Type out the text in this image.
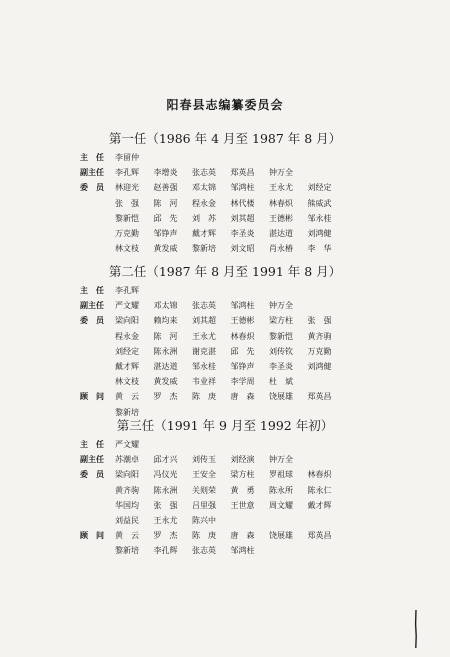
阳春县志编纂委员会
第一任（1986 年 4 月至 1987 年 8 月）
主　任 李留仲
副主任 李孔辉 李增炎 张志英 郑英昌 钟万全
委　员 林迎光 赵善强 邓太锦 邹鸿柱 王永尤 刘经定
张　强 陈　河 程永金 林代楼 林春炽 熊威武
黎新恺 邱　先 刘　苏 刘其超 王德彬 邹永桂
万克勤 邹铮声 戴才辉 李圣炎 湛达道 刘鸿健
林文枝 黄发威 黎新培 刘文昭 肖永椿 李　华
第二任（1987 年 8 月至 1991 年 8 月）
主　任 李孔辉
副主任 严文耀 邓太锦 张志英 邹鸿柱 钟万全
委　员 梁向阳 赖均来 刘其超 王德彬 梁方柱 张　强
程永金 陈　河 王永尤 林春炽 黎新恺 黄齐驹
刘经定 陈永洲 谢克湛 邱　先 刘传钦 万克勤
戴才辉 湛达道 邹永桂 邹铮声 李圣炎 刘鸿健
林文枝 黄发威 韦业祥 李学周 杜　斌
顾　问 黄　云 罗　杰 陈　庚 唐　森 饶展雄 郑英昌
黎新培
第三任（1991 年 9 月至 1992 年初）
主　任 严文耀
副主任 苏潮卓 邱才兴 刘传玉 刘经演 钟万全
委　员 梁向阳 冯仪光 王安全 梁方柱 罗祖球 林春炽
黄齐驹 陈永洲 关则荣 黄　勇 陈永所 陈永仁
华国均 张　强 吕里强 王世意 周文耀 戴才辉
刘益民 王永尤 陈兴中
顾　问 黄　云 罗　杰 陈　庚 唐　森 饶展雄 郑英昌
黎新培 李孔辉 张志英 邹鸿柱
